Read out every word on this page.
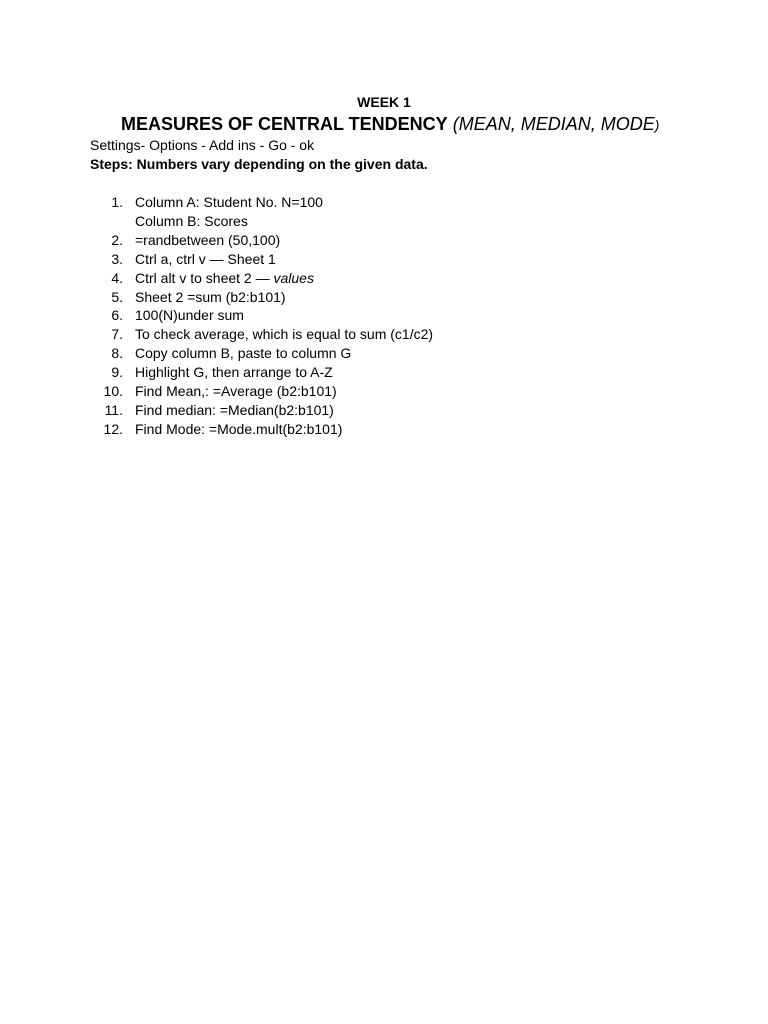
WEEK 1
MEASURES OF CENTRAL TENDENCY (MEAN, MEDIAN, MODE)
Settings- Options - Add ins - Go - ok
Steps: Numbers vary depending on the given data.
1. Column A: Student No. N=100
Column B: Scores
2. =randbetween (50,100)
3. Ctrl a, ctrl v — Sheet 1
4. Ctrl alt v to sheet 2 — values
5. Sheet 2 =sum (b2:b101)
6. 100(N)under sum
7. To check average, which is equal to sum (c1/c2)
8. Copy column B, paste to column G
9. Highlight G, then arrange to A-Z
10. Find Mean,: =Average (b2:b101)
11. Find median: =Median(b2:b101)
12. Find Mode: =Mode.mult(b2:b101)
